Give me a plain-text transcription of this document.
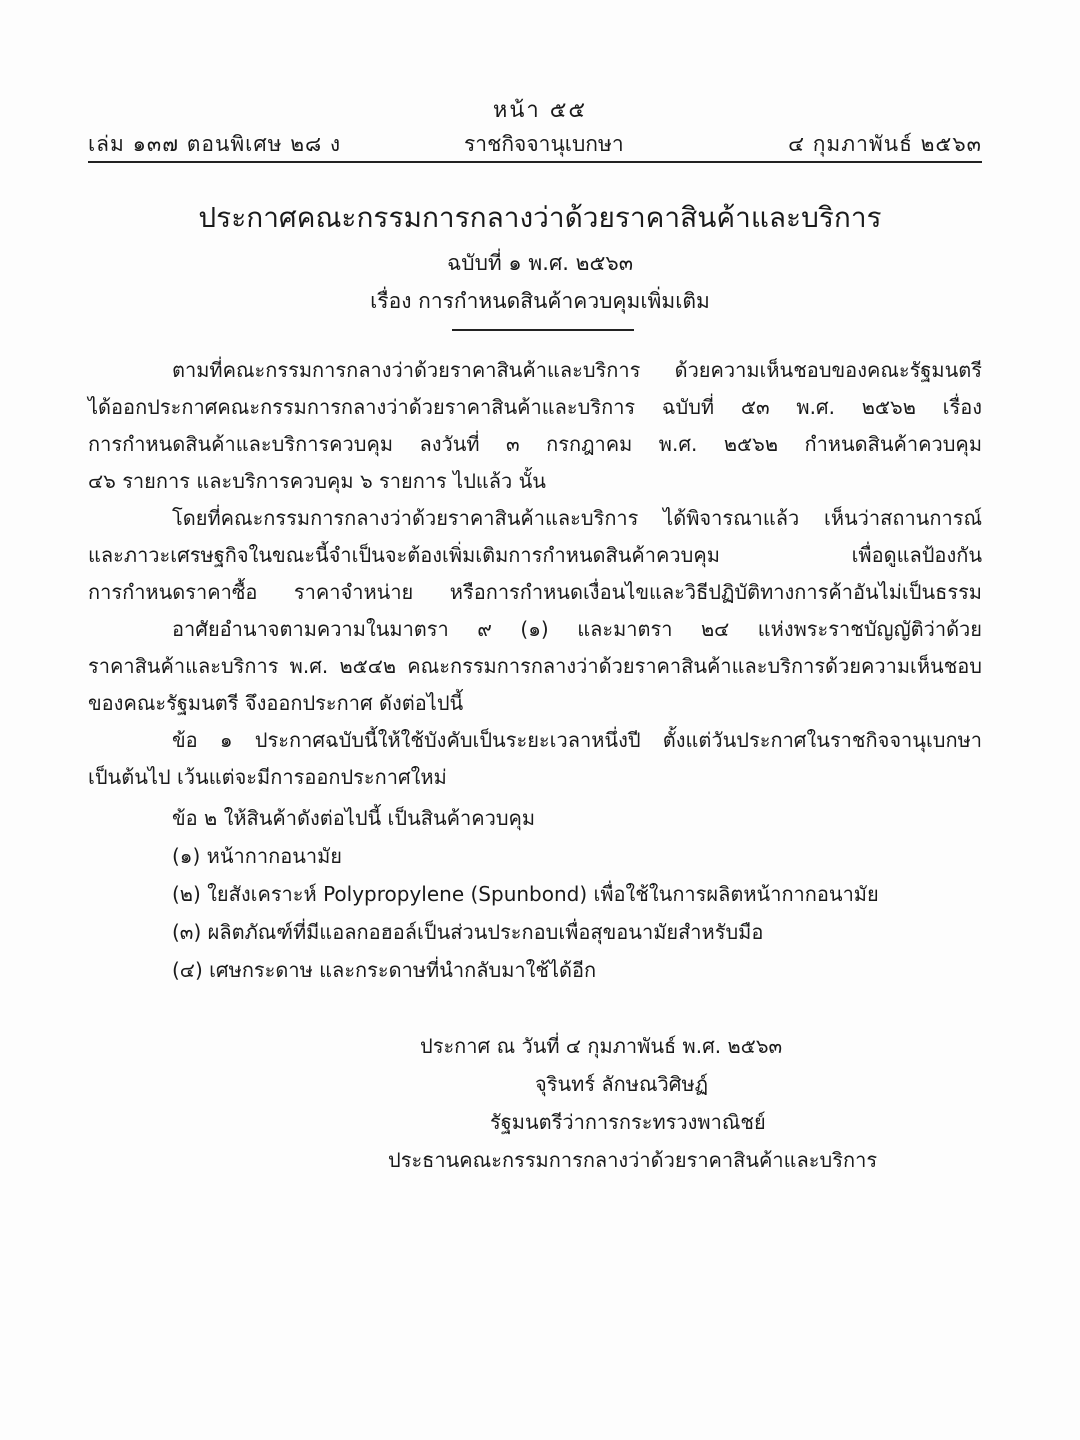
หน้า ๕๕
เล่ม ๑๓๗ ตอนพิเศษ ๒๘ ง	ราชกิจจานุเบกษา	๔ กุมภาพันธ์ ๒๕๖๓
ประกาศคณะกรรมการกลางว่าด้วยราคาสินค้าและบริการ
ฉบับที่ ๑ พ.ศ. ๒๕๖๓
เรื่อง การกำหนดสินค้าควบคุมเพิ่มเติม
ตามที่คณะกรรมการกลางว่าด้วยราคาสินค้าและบริการ ด้วยความเห็นชอบของคณะรัฐมนตรี
ได้ออกประกาศคณะกรรมการกลางว่าด้วยราคาสินค้าและบริการ ฉบับที่ ๕๓ พ.ศ. ๒๕๖๒ เรื่อง
การกำหนดสินค้าและบริการควบคุม ลงวันที่ ๓ กรกฎาคม พ.ศ. ๒๕๖๒ กำหนดสินค้าควบคุม
๔๖ รายการ และบริการควบคุม ๖ รายการ ไปแล้ว นั้น
โดยที่คณะกรรมการกลางว่าด้วยราคาสินค้าและบริการ ได้พิจารณาแล้ว เห็นว่าสถานการณ์
และภาวะเศรษฐกิจในขณะนี้จำเป็นจะต้องเพิ่มเติมการกำหนดสินค้าควบคุม เพื่อดูแลป้องกัน
การกำหนดราคาซื้อ ราคาจำหน่าย หรือการกำหนดเงื่อนไขและวิธีปฏิบัติทางการค้าอันไม่เป็นธรรม
อาศัยอำนาจตามความในมาตรา ๙ (๑) และมาตรา ๒๔ แห่งพระราชบัญญัติว่าด้วย
ราคาสินค้าและบริการ พ.ศ. ๒๕๔๒ คณะกรรมการกลางว่าด้วยราคาสินค้าและบริการด้วยความเห็นชอบ
ของคณะรัฐมนตรี จึงออกประกาศ ดังต่อไปนี้
ข้อ ๑ ประกาศฉบับนี้ให้ใช้บังคับเป็นระยะเวลาหนึ่งปี ตั้งแต่วันประกาศในราชกิจจานุเบกษา
เป็นต้นไป เว้นแต่จะมีการออกประกาศใหม่
ข้อ ๒ ให้สินค้าดังต่อไปนี้ เป็นสินค้าควบคุม
(๑) หน้ากากอนามัย
(๒) ใยสังเคราะห์ Polypropylene (Spunbond) เพื่อใช้ในการผลิตหน้ากากอนามัย
(๓) ผลิตภัณฑ์ที่มีแอลกอฮอล์เป็นส่วนประกอบเพื่อสุขอนามัยสำหรับมือ
(๔) เศษกระดาษ และกระดาษที่นำกลับมาใช้ได้อีก
ประกาศ ณ วันที่ ๔ กุมภาพันธ์ พ.ศ. ๒๕๖๓
จุรินทร์ ลักษณวิศิษฏ์
รัฐมนตรีว่าการกระทรวงพาณิชย์
ประธานคณะกรรมการกลางว่าด้วยราคาสินค้าและบริการ
